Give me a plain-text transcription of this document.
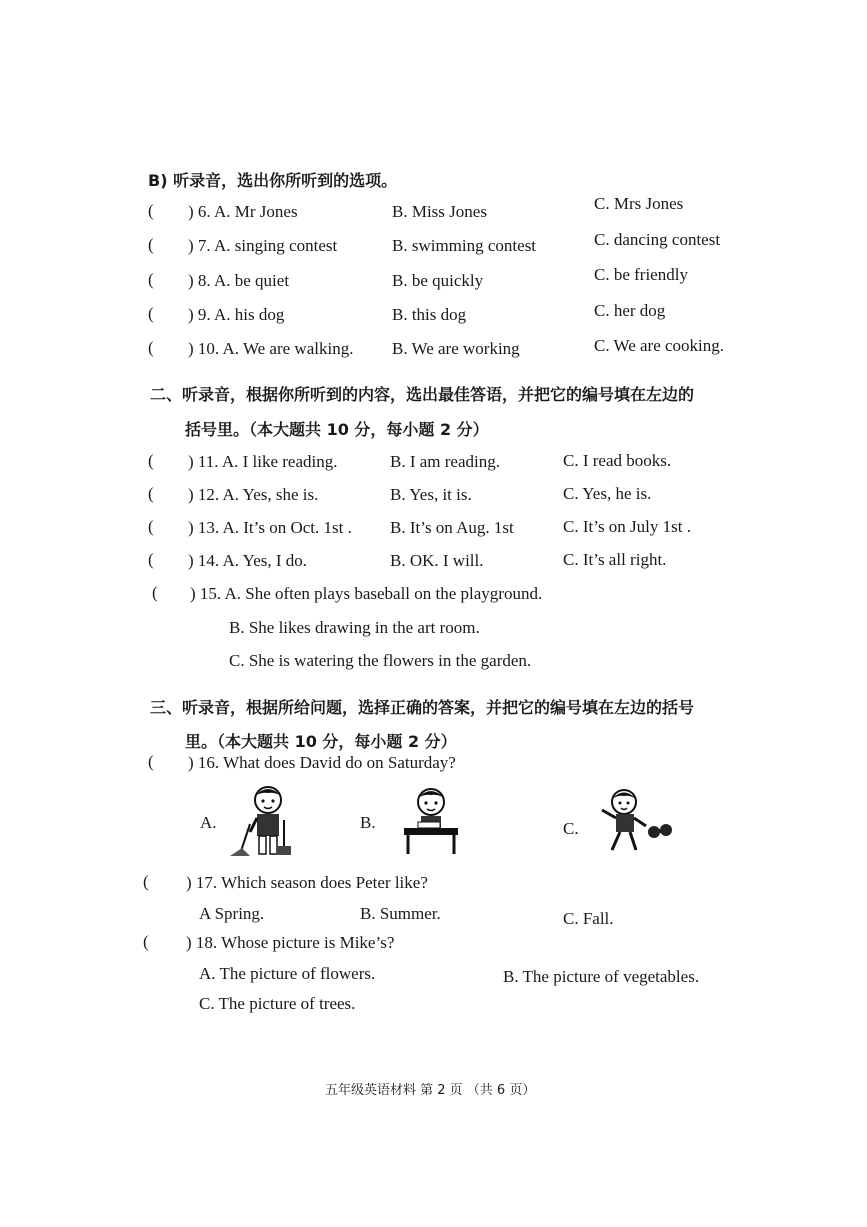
B) 听录音，选出你所听到的选项。
( ) 6. A. Mr Jones	B. Miss Jones	C. Mrs Jones
( ) 7. A. singing contest	B. swimming contest	C. dancing contest
( ) 8. A. be quiet	B. be quickly	C. be friendly
( ) 9. A. his dog	B. this dog	C. her dog
( ) 10. A. We are walking. B. We are working	C. We are cooking.
二、听录音，根据你所听到的内容，选出最佳答语，并把它的编号填在左边的
括号里。（本大题共 10 分，每小题 2 分）
( ) 11. A. I like reading.	B. I am reading.	C. I read books.
( ) 12. A. Yes, she is.	B. Yes, it is.	C. Yes, he is.
( ) 13. A. It’s on Oct. 1st . B. It’s on Aug. 1st	C. It’s on July 1st .
( ) 14. A. Yes, I do.	B. OK. I will.	C. It’s all right.
( ) 15. A. She often plays baseball on the playground.
B. She likes drawing in the art room.
C. She is watering the flowers in the garden.
三、听录音，根据所给问题，选择正确的答案，并把它的编号填在左边的括号
里。（本大题共 10 分，每小题 2 分）
( ) 16. What does David do on Saturday?
A.	B.	C.
( ) 17. Which season does Peter like?
A Spring.	B. Summer.	C. Fall.
( ) 18. Whose picture is Mike’s?
A. The picture of flowers.	B. The picture of vegetables.
C. The picture of trees.
五年级英语材料 第 2 页 （共 6 页）
